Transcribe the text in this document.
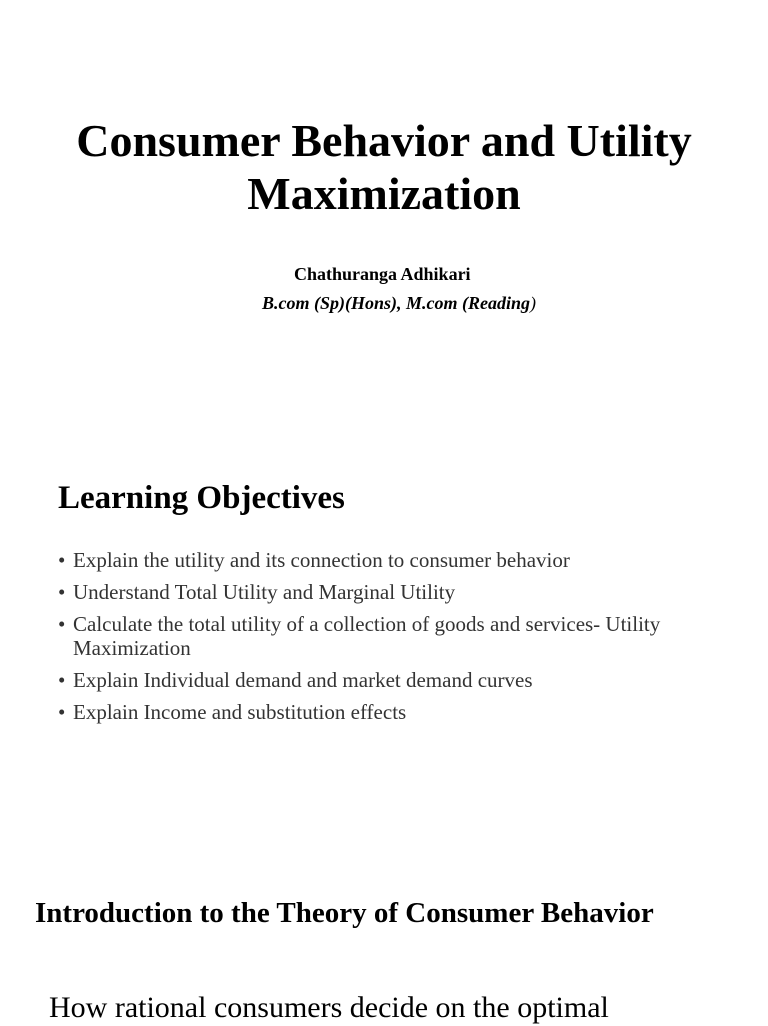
Consumer Behavior and Utility Maximization
Chathuranga Adhikari
B.com (Sp)(Hons), M.com (Reading)
Learning Objectives
• Explain the utility and its connection to consumer behavior
• Understand Total Utility and Marginal Utility
• Calculate the total utility of a collection of goods and services- Utility Maximization
• Explain Individual demand and market demand curves
• Explain Income and substitution effects
Introduction to the Theory of Consumer Behavior

How rational consumers decide on the optimal
